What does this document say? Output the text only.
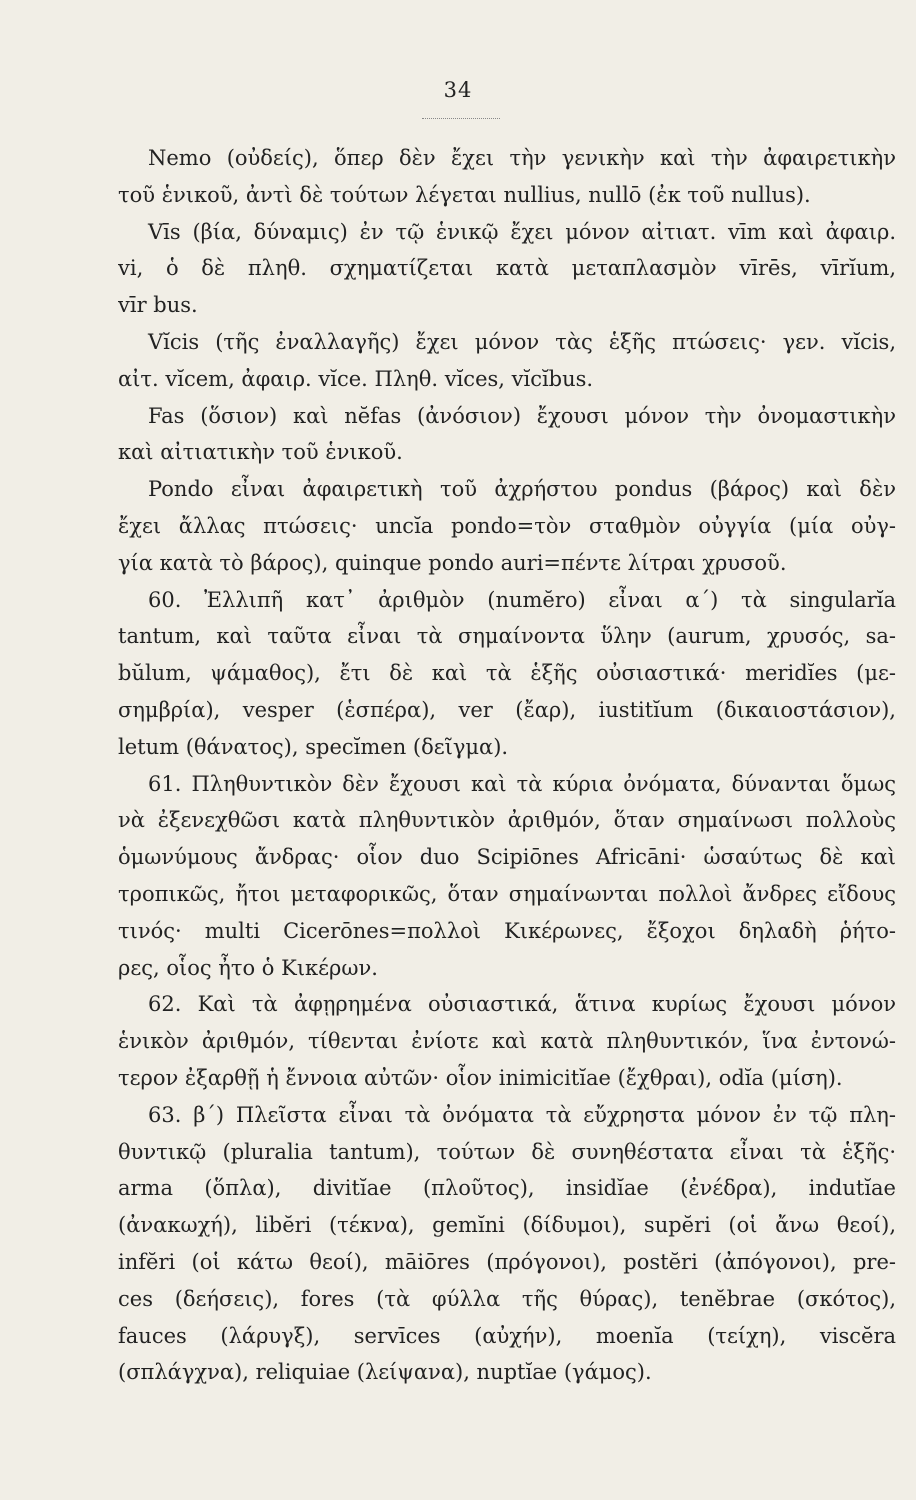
34
Nemo (οὐδείς), ὅπερ δὲν ἔχει τὴν γενικὴν καὶ τὴν ἀφαιρετικὴν
τοῦ ἑνικοῦ, ἀντὶ δὲ τούτων λέγεται nullius, nullō (ἐκ τοῦ nullus).
Vīs (βία, δύναμις) ἐν τῷ ἑνικῷ ἔχει μόνον αἰτιατ. vīm καὶ ἀφαιρ.
vi, ὁ δὲ πληθ. σχηματίζεται κατὰ μεταπλασμὸν vīrēs, vīrĭum,
vīr bus.
Vĭcis (τῆς ἐναλλαγῆς) ἔχει μόνον τὰς ἑξῆς πτώσεις· γεν. vĭcis,
αἰτ. vĭcem, ἀφαιρ. vĭce. Πληθ. vĭces, vĭcĭbus.
Fas (ὅσιον) καὶ nĕfas (ἀνόσιον) ἔχουσι μόνον τὴν ὀνομαστικὴν
καὶ αἰτιατικὴν τοῦ ἑνικοῦ.
Pondo εἶναι ἀφαιρετικὴ τοῦ ἀχρήστου pondus (βάρος) καὶ δὲν
ἔχει ἄλλας πτώσεις· uncĭa pondo=τὸν σταθμὸν οὐγγία (μία οὐγ-
γία κατὰ τὸ βάρος), quinque pondo auri=πέντε λίτραι χρυσοῦ.
60. Ἐλλιπῆ κατ᾽ ἀριθμὸν (numĕro) εἶναι α΄) τὰ singularĭa
tantum, καὶ ταῦτα εἶναι τὰ σημαίνοντα ὕλην (aurum, χρυσός, sa-
bŭlum, ψάμαθος), ἔτι δὲ καὶ τὰ ἑξῆς οὐσιαστικά· meridĭes (με-
σημβρία), vesper (ἑσπέρα), ver (ἔαρ), iustitĭum (δικαιοστάσιον),
letum (θάνατος), specĭmen (δεῖγμα).
61. Πληθυντικὸν δὲν ἔχουσι καὶ τὰ κύρια ὀνόματα, δύνανται ὅμως
νὰ ἐξενεχθῶσι κατὰ πληθυντικὸν ἀριθμόν, ὅταν σημαίνωσι πολλοὺς
ὁμωνύμους ἄνδρας· οἷον duo Scipiōnes Africāni· ὡσαύτως δὲ καὶ
τροπικῶς, ἤτοι μεταφορικῶς, ὅταν σημαίνωνται πολλοὶ ἄνδρες εἴδους
τινός· multi Cicerōnes=πολλοὶ Κικέρωνες, ἔξοχοι δηλαδὴ ῥήτο-
ρες, οἷος ἦτο ὁ Κικέρων.
62. Καὶ τὰ ἀφῃρημένα οὐσιαστικά, ἅτινα κυρίως ἔχουσι μόνον
ἑνικὸν ἀριθμόν, τίθενται ἐνίοτε καὶ κατὰ πληθυντικόν, ἵνα ἐντονώ-
τερον ἐξαρθῇ ἡ ἔννοια αὐτῶν· οἷον inimicitĭae (ἔχθραι), odĭa (μίση).
63. β΄) Πλεῖστα εἶναι τὰ ὀνόματα τὰ εὔχρηστα μόνον ἐν τῷ πλη-
θυντικῷ (pluralia tantum), τούτων δὲ συνηθέστατα εἶναι τὰ ἑξῆς·
arma (ὅπλα), divitĭae (πλοῦτος), insidĭae (ἐνέδρα), indutĭae
(ἀνακωχή), libĕri (τέκνα), gemĭni (δίδυμοι), supĕri (οἱ ἄνω θεοί),
infĕri (οἱ κάτω θεοί), māiōres (πρόγονοι), postĕri (ἀπόγονοι), pre-
ces (δεήσεις), fores (τὰ φύλλα τῆς θύρας), tenĕbrae (σκότος),
fauces (λάρυγξ), servīces (αὐχήν), moenĭa (τείχη), viscĕra
(σπλάγχνα), reliquiae (λείψανα), nuptĭae (γάμος).
